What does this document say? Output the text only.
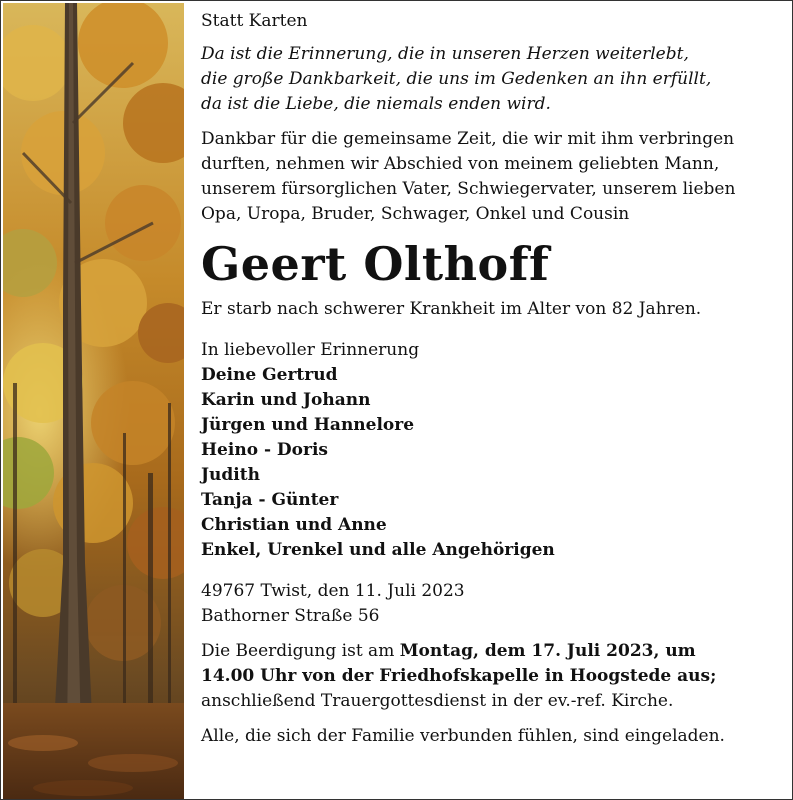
Statt Karten
Da ist die Erinnerung, die in unseren Herzen weiterlebt,
die große Dankbarkeit, die uns im Gedenken an ihn erfüllt,
da ist die Liebe, die niemals enden wird.
Dankbar für die gemeinsame Zeit, die wir mit ihm verbringen
durften, nehmen wir Abschied von meinem geliebten Mann,
unserem fürsorglichen Vater, Schwiegervater, unserem lieben
Opa, Uropa, Bruder, Schwager, Onkel und Cousin
Geert Olthoff
Er starb nach schwerer Krankheit im Alter von 82 Jahren.
In liebevoller Erinnerung
Deine Gertrud
Karin und Johann
Jürgen und Hannelore
Heino - Doris
Judith
Tanja - Günter
Christian und Anne
Enkel, Urenkel und alle Angehörigen
49767 Twist, den 11. Juli 2023
Bathorner Straße 56
Die Beerdigung ist am Montag, dem 17. Juli 2023, um
14.00 Uhr von der Friedhofskapelle in Hoogstede aus;
anschließend Trauergottesdienst in der ev.-ref. Kirche.
Alle, die sich der Familie verbunden fühlen, sind eingeladen.
